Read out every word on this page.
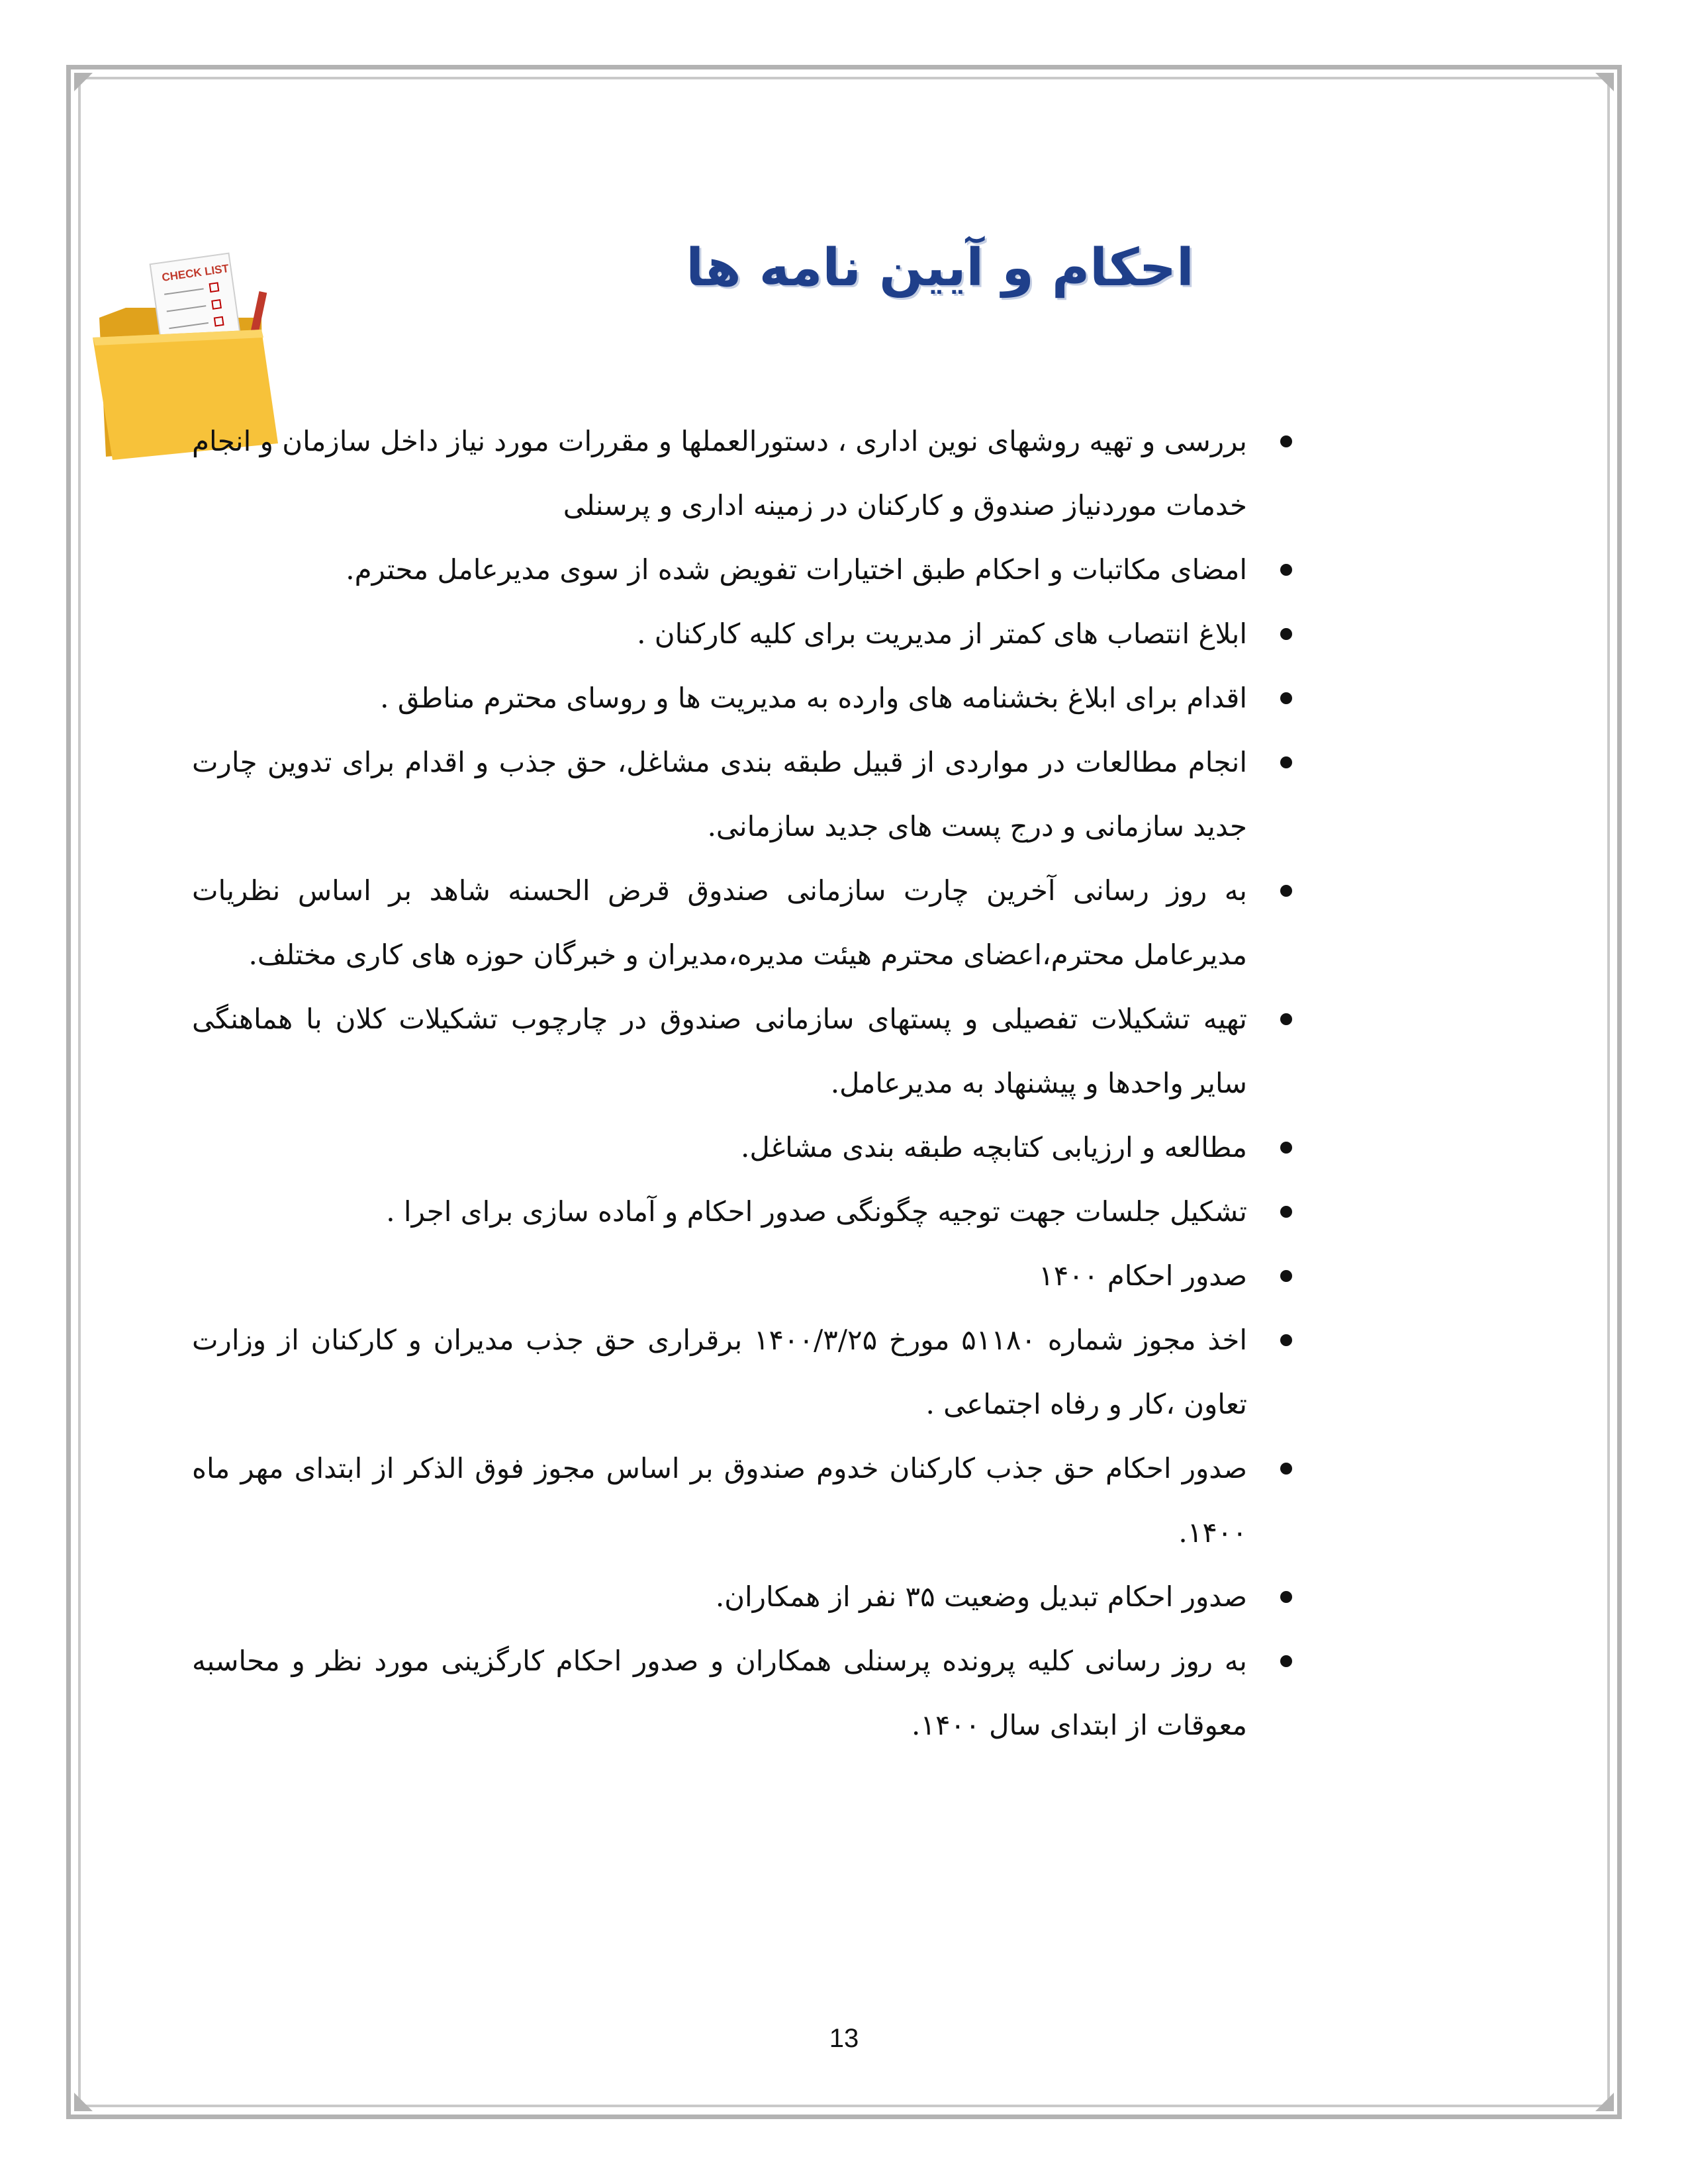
CHECK LIST	احکام و آیین نامه ها
بررسی و تهیه روشهای نوین اداری ، دستورالعملها و مقررات مورد نیاز داخل سازمان و انجام خدمات موردنیاز صندوق و کارکنان در زمینه اداری و پرسنلی
امضای مکاتبات و احکام طبق اختیارات تفویض شده از سوی مدیرعامل محترم.
ابلاغ انتصاب های کمتر از مدیریت برای کلیه کارکنان .
اقدام برای ابلاغ بخشنامه های وارده به مدیریت ها و روسای محترم مناطق .
انجام مطالعات در مواردی از قبیل طبقه بندی مشاغل، حق جذب و اقدام برای تدوین چارت جدید سازمانی و درج پست های جدید سازمانی.
به روز رسانی آخرین چارت سازمانی صندوق قرض الحسنه شاهد بر اساس نظریات مدیرعامل محترم،اعضای محترم هیئت مدیره،مدیران و خبرگان حوزه های کاری مختلف.
تهیه تشکیلات تفصیلی و پستهای سازمانی صندوق در چارچوب تشکیلات کلان با هماهنگی سایر واحدها و پیشنهاد به مدیرعامل.
مطالعه و ارزیابی کتابچه طبقه بندی مشاغل.
تشکیل جلسات جهت توجیه چگونگی صدور احکام و آماده سازی برای اجرا .
صدور احکام ۱۴۰۰
اخذ مجوز شماره ۵۱۱۸۰ مورخ ۱۴۰۰/۳/۲۵ برقراری حق جذب مدیران و کارکنان از وزارت تعاون ،کار و رفاه اجتماعی .
صدور احکام حق جذب کارکنان خدوم صندوق بر اساس مجوز فوق الذکر از ابتدای مهر ماه ۱۴۰۰.
صدور احکام تبدیل وضعیت ۳۵ نفر از همکاران.
به روز رسانی کلیه پرونده پرسنلی همکاران و صدور احکام کارگزینی مورد نظر و محاسبه معوقات از ابتدای سال ۱۴۰۰.
13
